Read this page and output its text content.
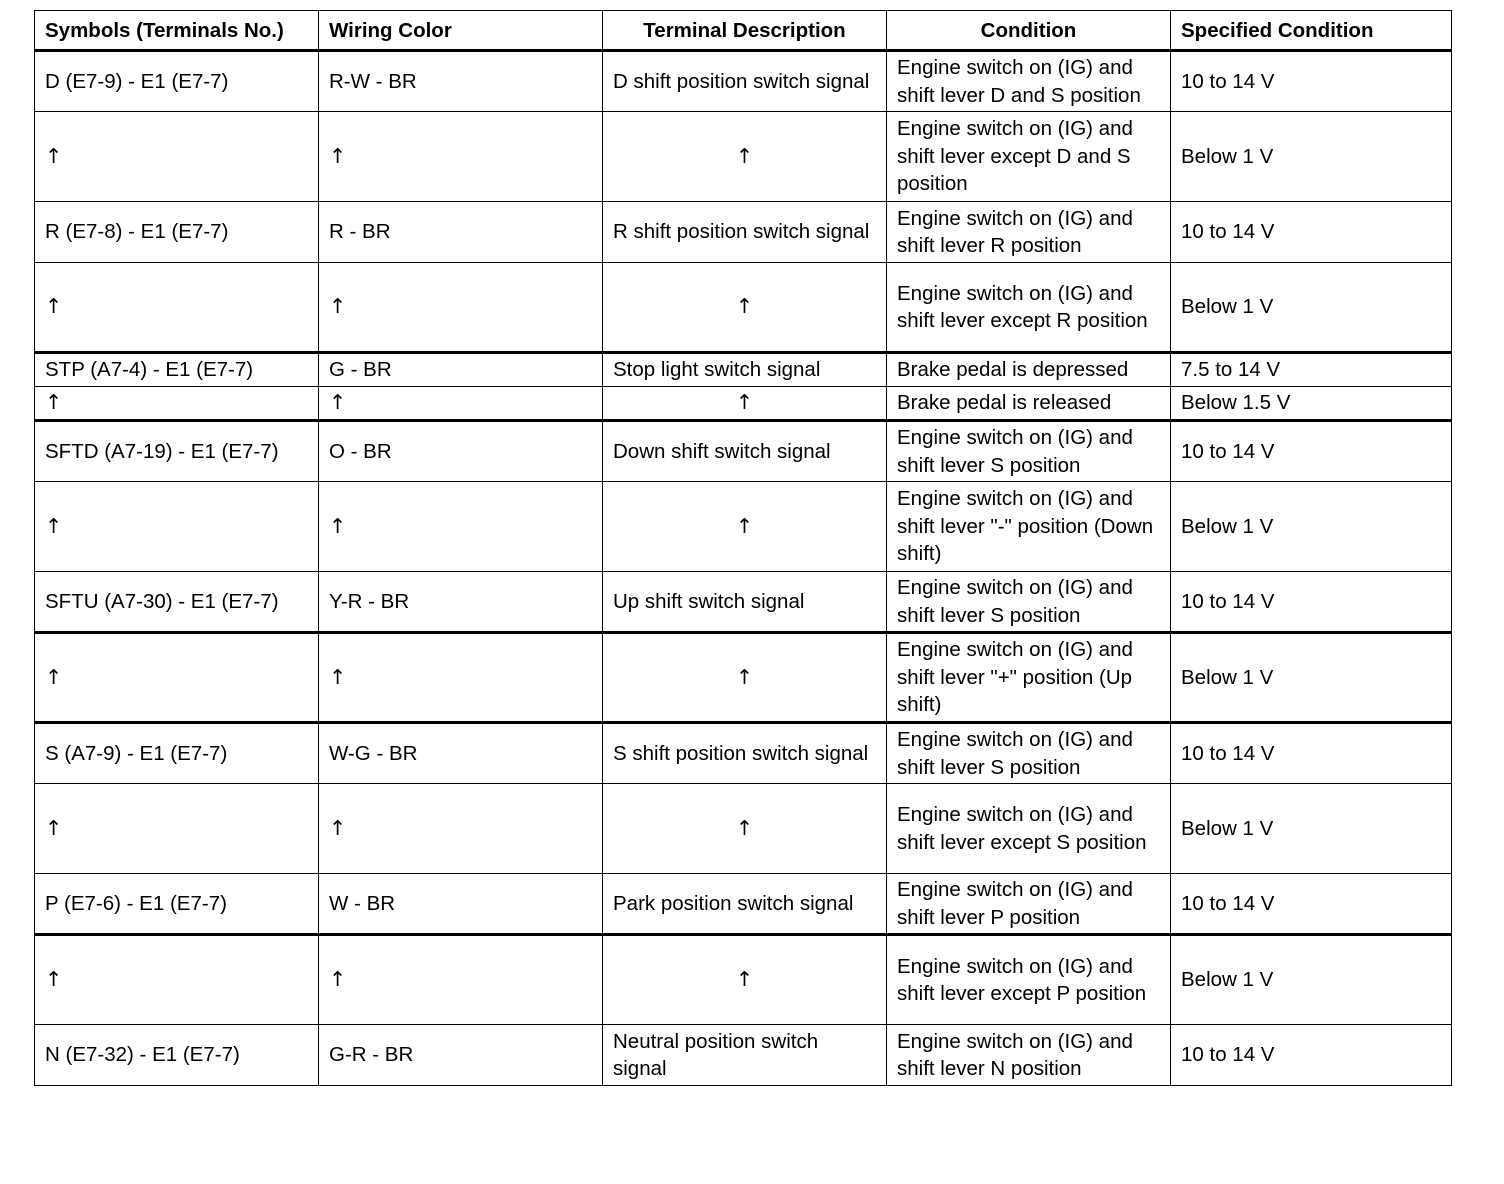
Symbols (Terminals No.)	Wiring Color	Terminal Description	Condition	Specified Condition
D (E7-9) - E1 (E7-7)	R-W - BR	D shift position switch signal	Engine switch on (IG) and shift lever D and S position	10 to 14 V
↑	↑	↑	Engine switch on (IG) and shift lever except D and S position	Below 1 V
R (E7-8) - E1 (E7-7)	R - BR	R shift position switch signal	Engine switch on (IG) and shift lever R position	10 to 14 V
↑	↑	↑	Engine switch on (IG) and shift lever except R position	Below 1 V
STP (A7-4) - E1 (E7-7)	G - BR	Stop light switch signal	Brake pedal is depressed	7.5 to 14 V
↑	↑	↑	Brake pedal is released	Below 1.5 V
SFTD (A7-19) - E1 (E7-7)	O - BR	Down shift switch signal	Engine switch on (IG) and shift lever S position	10 to 14 V
↑	↑	↑	Engine switch on (IG) and shift lever "-" position (Down shift)	Below 1 V
SFTU (A7-30) - E1 (E7-7)	Y-R - BR	Up shift switch signal	Engine switch on (IG) and shift lever S position	10 to 14 V
↑	↑	↑	Engine switch on (IG) and shift lever "+" position (Up shift)	Below 1 V
S (A7-9) - E1 (E7-7)	W-G - BR	S shift position switch signal	Engine switch on (IG) and shift lever S position	10 to 14 V
↑	↑	↑	Engine switch on (IG) and shift lever except S position	Below 1 V
P (E7-6) - E1 (E7-7)	W - BR	Park position switch signal	Engine switch on (IG) and shift lever P position	10 to 14 V
↑	↑	↑	Engine switch on (IG) and shift lever except P position	Below 1 V
N (E7-32) - E1 (E7-7)	G-R - BR	Neutral position switch signal	Engine switch on (IG) and shift lever N position	10 to 14 V
